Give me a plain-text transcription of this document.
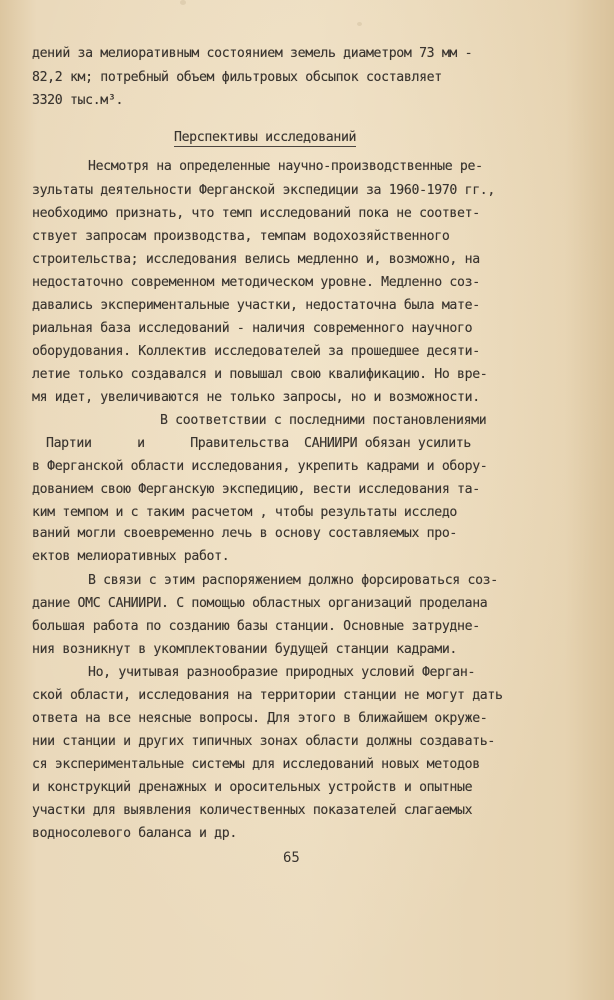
дений за мелиоративным состоянием земель диаметром 73 мм -
82,2 км; потребный объем фильтровых обсыпок составляет
3320 тыс.м³.
Перспективы исследований
Несмотря на определенные научно-производственные ре-
зультаты деятельности Ферганской экспедиции за 1960-1970 гг.,
необходимо признать, что темп исследований пока не соответ-
ствует запросам производства, темпам водохозяйственного
строительства; исследования велись медленно и, возможно, на
недостаточно современном методическом уровне. Медленно соз-
давались экспериментальные участки, недостаточна была мате-
риальная база исследований - наличия современного научного
оборудования. Коллектив исследователей за прошедшее десяти-
летие только создавался и повышал свою квалификацию. Но вре-
мя идет, увеличиваются не только запросы, но и возможности.
В соответствии с последними постановлениями
Партии      и      Правительства  САНИИРИ обязан усилить
в Ферганской области исследования, укрепить кадрами и обору-
дованием свою Ферганскую экспедицию, вести исследования та-
ким темпом и с таким расчетом , чтобы результаты исследо
ваний могли своевременно лечь в основу составляемых про-
ектов мелиоративных работ.
В связи с этим распоряжением должно форсироваться соз-
дание ОМС САНИИРИ. С помощью областных организаций проделана
большая работа по созданию базы станции. Основные затрудне-
ния возникнут в укомплектовании будущей станции кадрами.
Но, учитывая разнообразие природных условий Ферган-
ской области, исследования на территории станции не могут дать
ответа на все неясные вопросы. Для этого в ближайшем окруже-
нии станции и других типичных зонах области должны создавать-
ся экспериментальные системы для исследований новых методов
и конструкций дренажных и оросительных устройств и опытные
участки для выявления количественных показателей слагаемых
водносолевого баланса и др.
65
